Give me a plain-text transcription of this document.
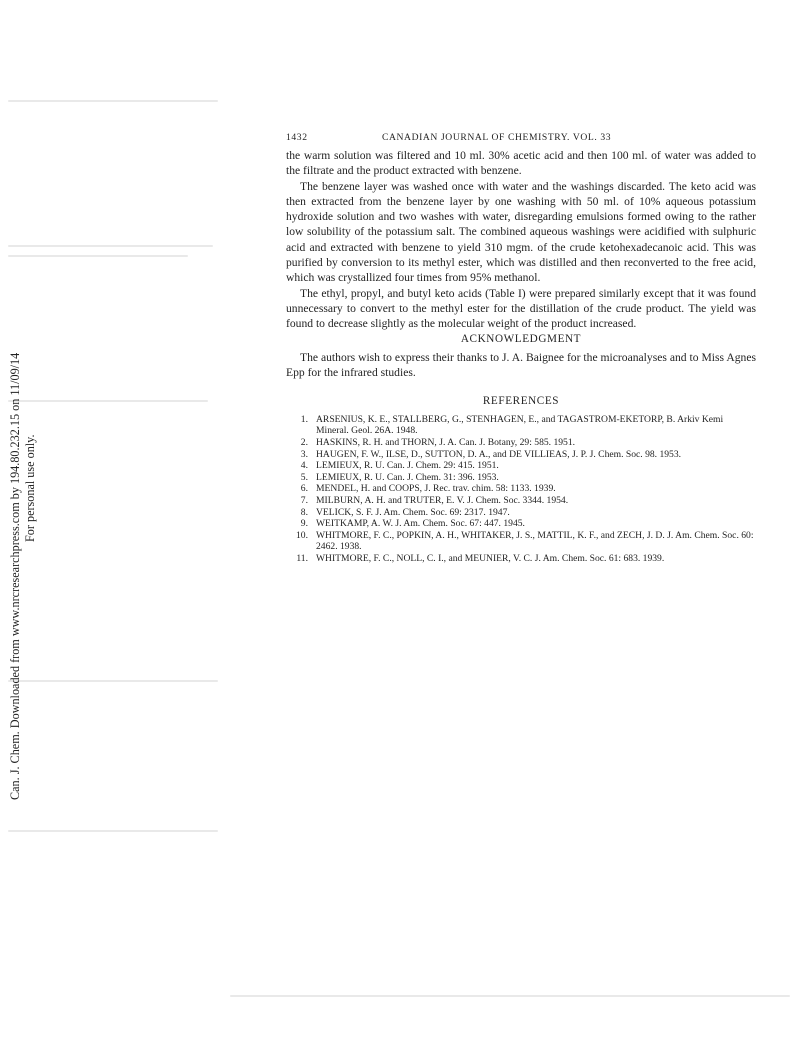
Can. J. Chem. Downloaded from www.nrcresearchpress.com by 194.80.232.15 on 11/09/14 For personal use only.
1432	CANADIAN JOURNAL OF CHEMISTRY. VOL. 33

the warm solution was filtered and 10 ml. 30% acetic acid and then 100 ml. of water was added to the filtrate and the product extracted with benzene.

The benzene layer was washed once with water and the washings discarded. The keto acid was then extracted from the benzene layer by one washing with 50 ml. of 10% aqueous potassium hydroxide solution and two washes with water, disregarding emulsions formed owing to the rather low solubility of the potassium salt. The combined aqueous washings were acidified with sulphuric acid and extracted with benzene to yield 310 mgm. of the crude ketohexadecanoic acid. This was purified by conversion to its methyl ester, which was distilled and then reconverted to the free acid, which was crystallized four times from 95% methanol.

The ethyl, propyl, and butyl keto acids (Table I) were prepared similarly except that it was found unnecessary to convert to the methyl ester for the distillation of the crude product. The yield was found to decrease slightly as the molecular weight of the product increased.

ACKNOWLEDGMENT

The authors wish to express their thanks to J. A. Baignee for the microanalyses and to Miss Agnes Epp for the infrared studies.

REFERENCES
1. ARSENIUS, K. E., STALLBERG, G., STENHAGEN, E., and TAGASTROM-EKETORP, B. Arkiv Kemi Mineral. Geol. 26A. 1948.
2. HASKINS, R. H. and THORN, J. A. Can. J. Botany, 29: 585. 1951.
3. HAUGEN, F. W., ILSE, D., SUTTON, D. A., and DE VILLIEAS, J. P. J. Chem. Soc. 98. 1953.
4. LEMIEUX, R. U. Can. J. Chem. 29: 415. 1951.
5. LEMIEUX, R. U. Can. J. Chem. 31: 396. 1953.
6. MENDEL, H. and COOPS, J. Rec. trav. chim. 58: 1133. 1939.
7. MILBURN, A. H. and TRUTER, E. V. J. Chem. Soc. 3344. 1954.
8. VELICK, S. F. J. Am. Chem. Soc. 69: 2317. 1947.
9. WEITKAMP, A. W. J. Am. Chem. Soc. 67: 447. 1945.
10. WHITMORE, F. C., POPKIN, A. H., WHITAKER, J. S., MATTIL, K. F., and ZECH, J. D. J. Am. Chem. Soc. 60: 2462. 1938.
11. WHITMORE, F. C., NOLL, C. I., and MEUNIER, V. C. J. Am. Chem. Soc. 61: 683. 1939.
